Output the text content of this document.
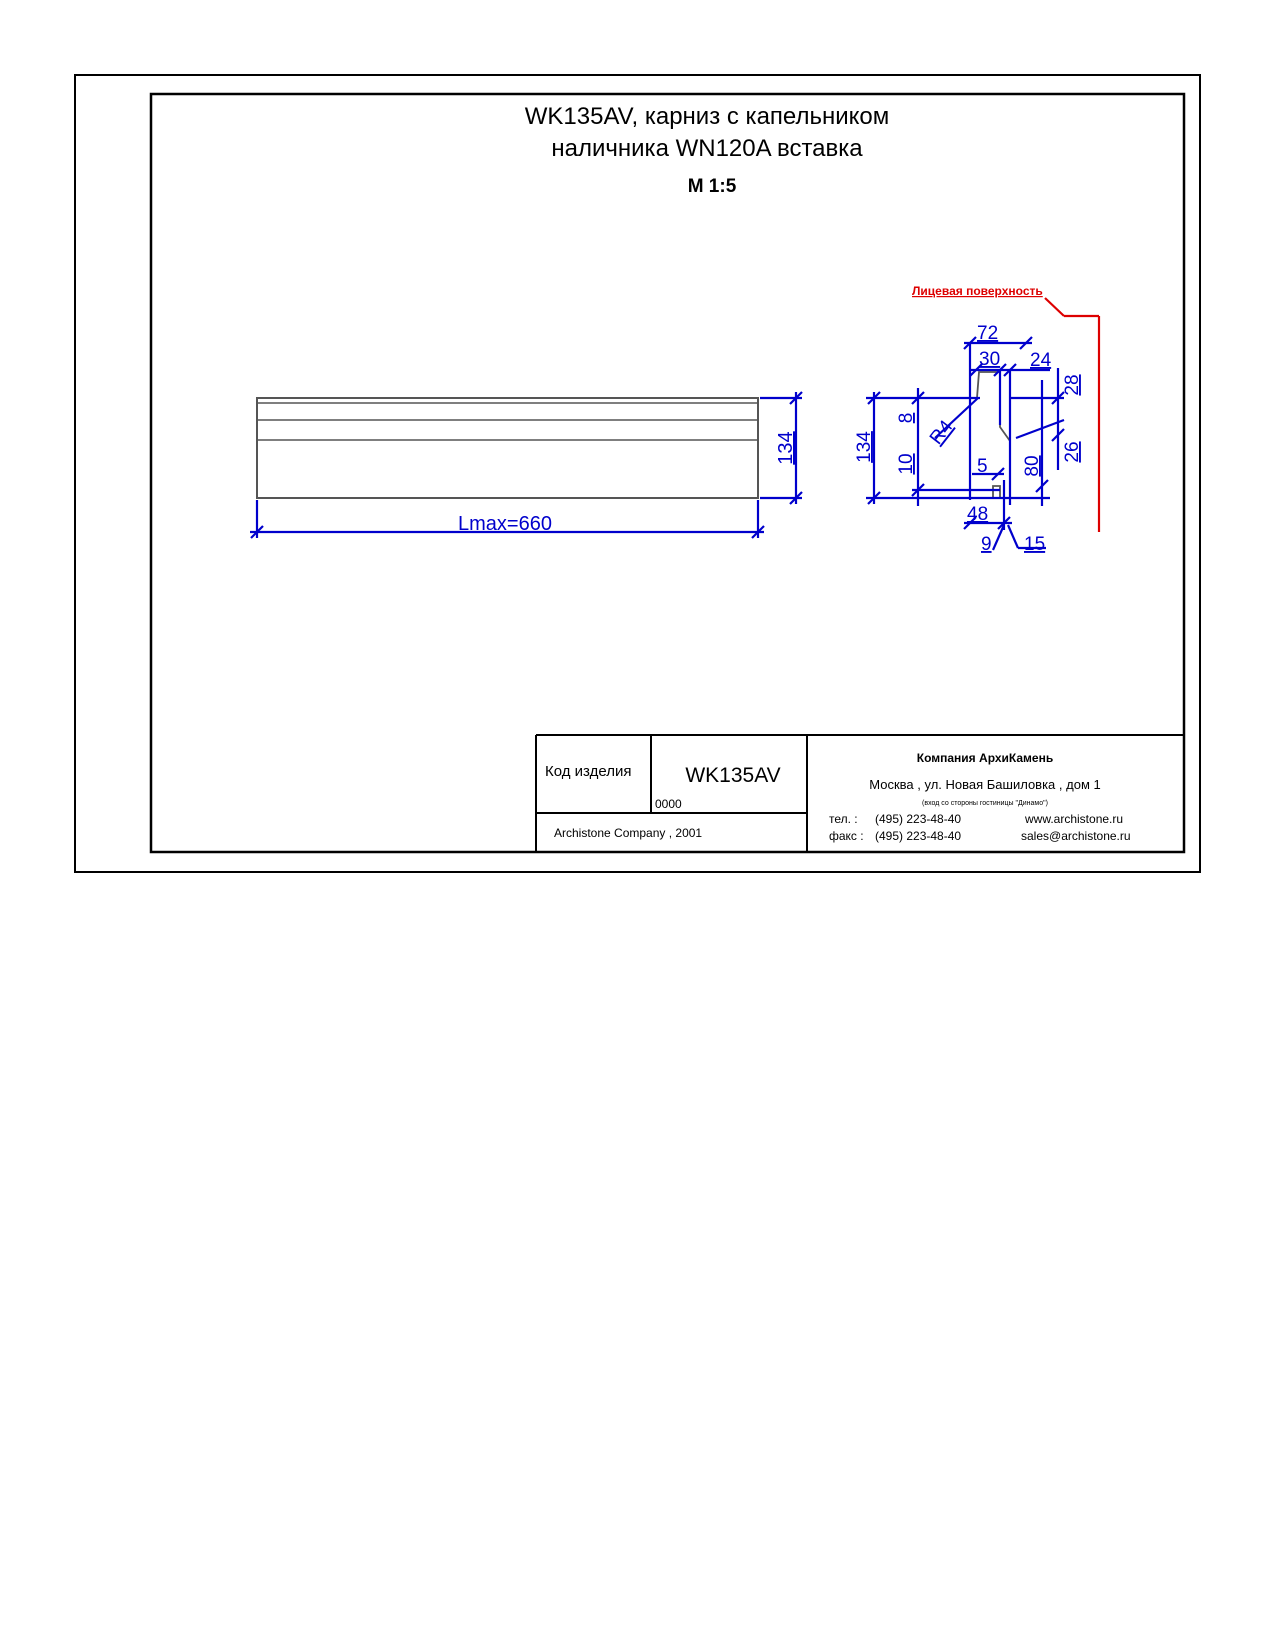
WK135AV, карниз с капельником
наличника WN120A вставка
M 1:5
Lmax=660
134
Лицевая поверхность
72
30 24
28
134
8 R4
10	5 80
26
48
9 15
Код изделия	WK135AV
0000
Archistone Company , 2001
Компания АрхиКамень
Москва , ул. Новая Башиловка , дом 1
(вход со стороны гостиницы "Динамо")
тел. : (495) 223-48-40
факс : (495) 223-48-40
www.archistone.ru
sales@archistone.ru
